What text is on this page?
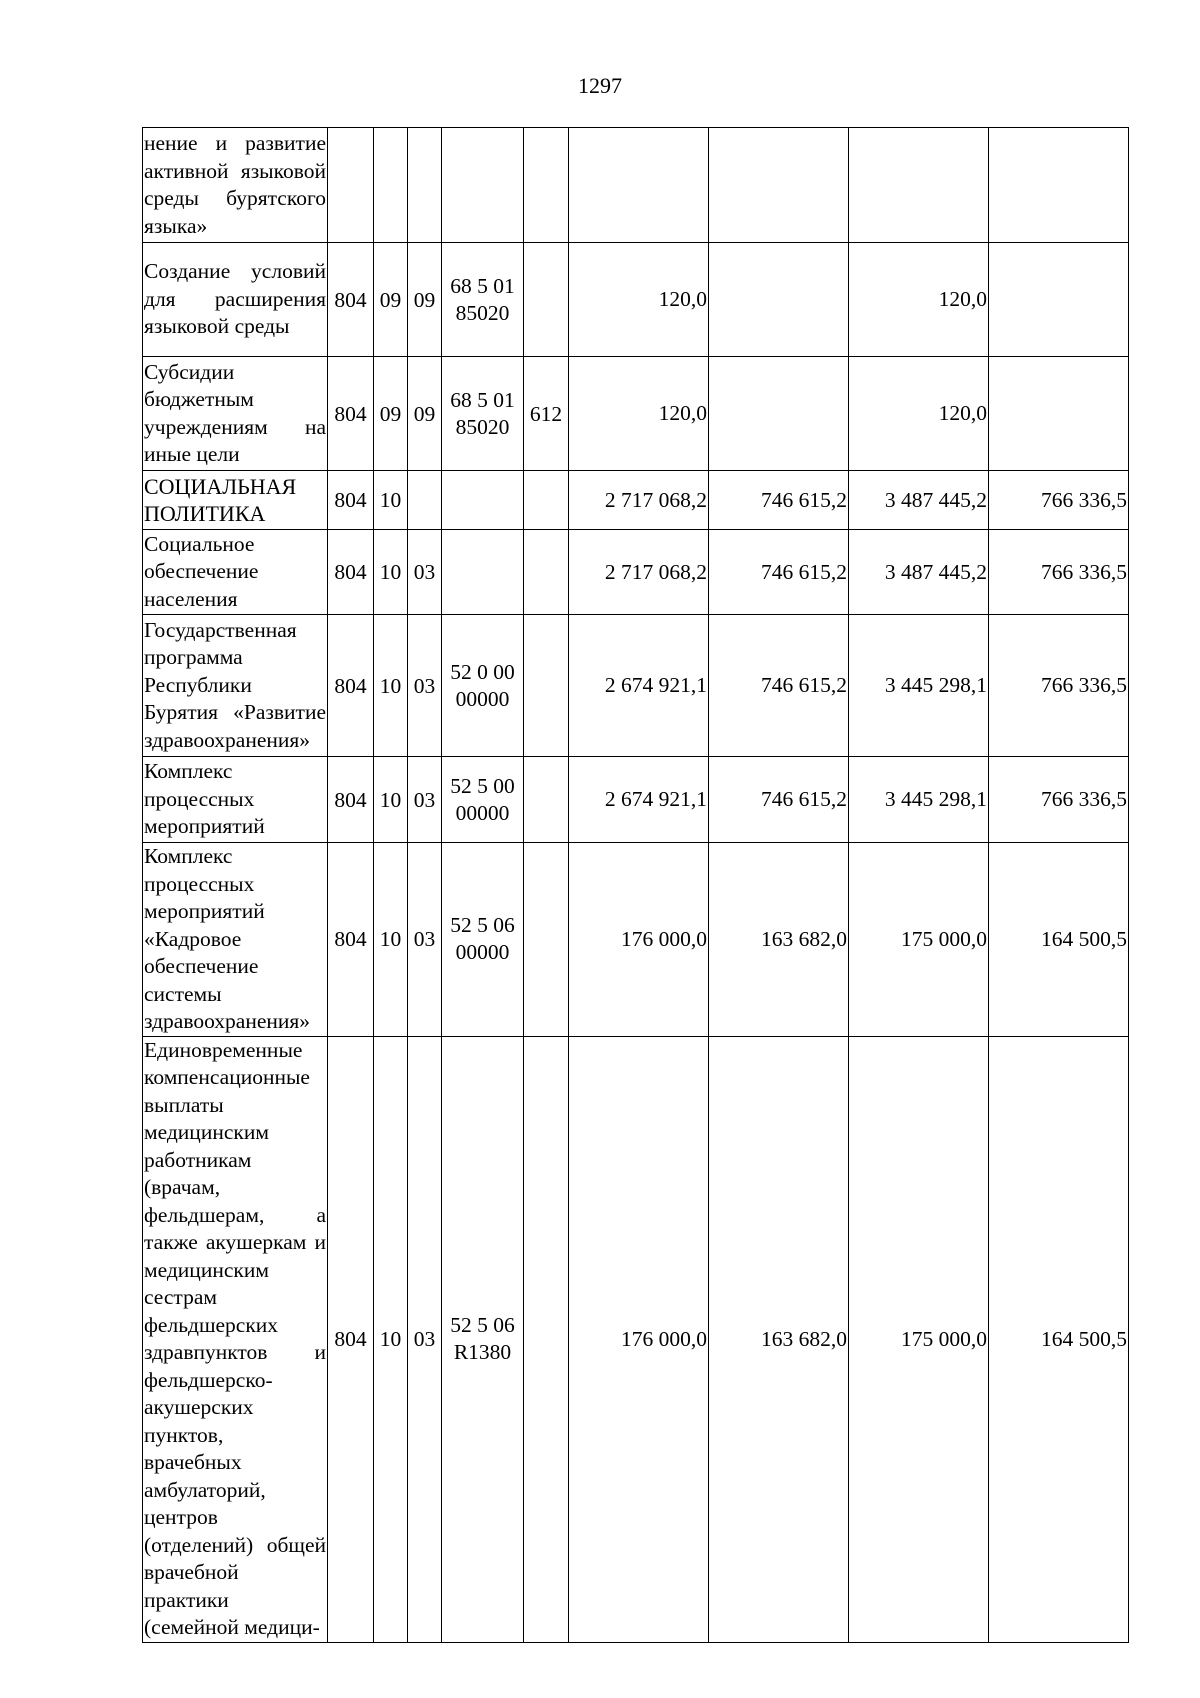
1297
нение и развитие активной языковой среды бурятского языка»									
Создание условий для расширения языковой среды	804	09	09	68 5 01 85020		120,0		120,0	
Субсидии бюджетным учреждениям на иные цели	804	09	09	68 5 01 85020	612	120,0		120,0	
СОЦИАЛЬНАЯ ПОЛИТИКА	804	10				2 717 068,2	746 615,2	3 487 445,2	766 336,5
Социальное обеспечение населения	804	10	03			2 717 068,2	746 615,2	3 487 445,2	766 336,5
Государственная программа Республики Бурятия «Развитие здравоохранения»	804	10	03	52 0 00 00000		2 674 921,1	746 615,2	3 445 298,1	766 336,5
Комплекс процессных мероприятий	804	10	03	52 5 00 00000		2 674 921,1	746 615,2	3 445 298,1	766 336,5
Комплекс процессных мероприятий «Кадровое обеспечение системы здравоохранения»	804	10	03	52 5 06 00000		176 000,0	163 682,0	175 000,0	164 500,5
Единовременные компенсационные выплаты медицинским работникам (врачам, фельдшерам, а также акушеркам и медицинским сестрам фельдшерских здравпунктов и фельдшерско-акушерских пунктов, врачебных амбулаторий, центров (отделений) общей врачебной практики (семейной медици-	804	10	03	52 5 06 R1380		176 000,0	163 682,0	175 000,0	164 500,5
